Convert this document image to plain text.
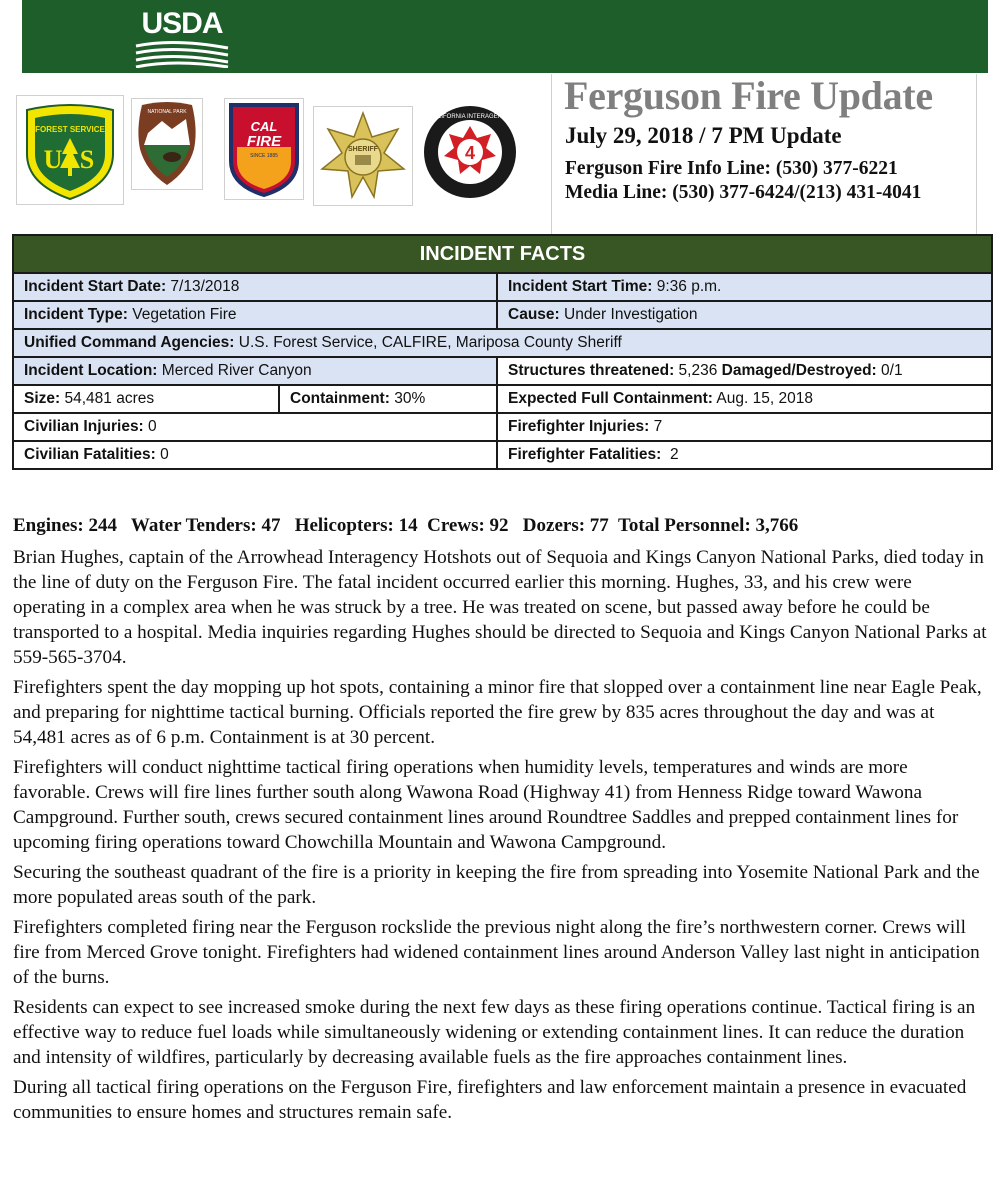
USDA
FOREST SERVICE
U S
NATIONAL PARK
CAL
FIRE
SINCE 1885
SHERIFF	4
CALIFORNIA INTERAGENCY Ferguson Fire Update
July 29, 2018 / 7 PM Update
Ferguson Fire Info Line: (530) 377-6221
Media Line: (530) 377-6424/(213) 431-4041
INCIDENT FACTS		
Incident Start Date: 7/13/2018		Incident Start Time: 9:36 p.m.
Incident Type: Vegetation Fire		Cause: Under Investigation
Unified Command Agencies: U.S. Forest Service, CALFIRE, Mariposa County Sheriff		
Incident Location: Merced River Canyon		Structures threatened: 5,236 Damaged/Destroyed: 0/1
Size: 54,481 acres	Containment: 30%	Expected Full Containment: Aug. 15, 2018
Civilian Injuries: 0		Firefighter Injuries: 7
Civilian Fatalities: 0		Firefighter Fatalities: 2
Engines: 244   Water Tenders: 47   Helicopters: 14  Crews: 92   Dozers: 77  Total Personnel: 3,766

Brian Hughes, captain of the Arrowhead Interagency Hotshots out of Sequoia and Kings Canyon National Parks, died today in the line of duty on the Ferguson Fire. The fatal incident occurred earlier this morning. Hughes, 33, and his crew were operating in a complex area when he was struck by a tree. He was treated on scene, but passed away before he could be transported to a hospital. Media inquiries regarding Hughes should be directed to Sequoia and Kings Canyon National Parks at 559-565-3704.

Firefighters spent the day mopping up hot spots, containing a minor fire that slopped over a containment line near Eagle Peak, and preparing for nighttime tactical burning. Officials reported the fire grew by 835 acres throughout the day and was at 54,481 acres as of 6 p.m. Containment is at 30 percent.

Firefighters will conduct nighttime tactical firing operations when humidity levels, temperatures and winds are more favorable. Crews will fire lines further south along Wawona Road (Highway 41) from Henness Ridge toward Wawona Campground. Further south, crews secured containment lines around Roundtree Saddles and prepped containment lines for upcoming firing operations toward Chowchilla Mountain and Wawona Campground.

Securing the southeast quadrant of the fire is a priority in keeping the fire from spreading into Yosemite National Park and the more populated areas south of the park.

Firefighters completed firing near the Ferguson rockslide the previous night along the fire’s northwestern corner. Crews will fire from Merced Grove tonight. Firefighters had widened containment lines around Anderson Valley last night in anticipation of the burns.

Residents can expect to see increased smoke during the next few days as these firing operations continue. Tactical firing is an effective way to reduce fuel loads while simultaneously widening or extending containment lines. It can reduce the duration and intensity of wildfires, particularly by decreasing available fuels as the fire approaches containment lines.

During all tactical firing operations on the Ferguson Fire, firefighters and law enforcement maintain a presence in evacuated communities to ensure homes and structures remain safe.
